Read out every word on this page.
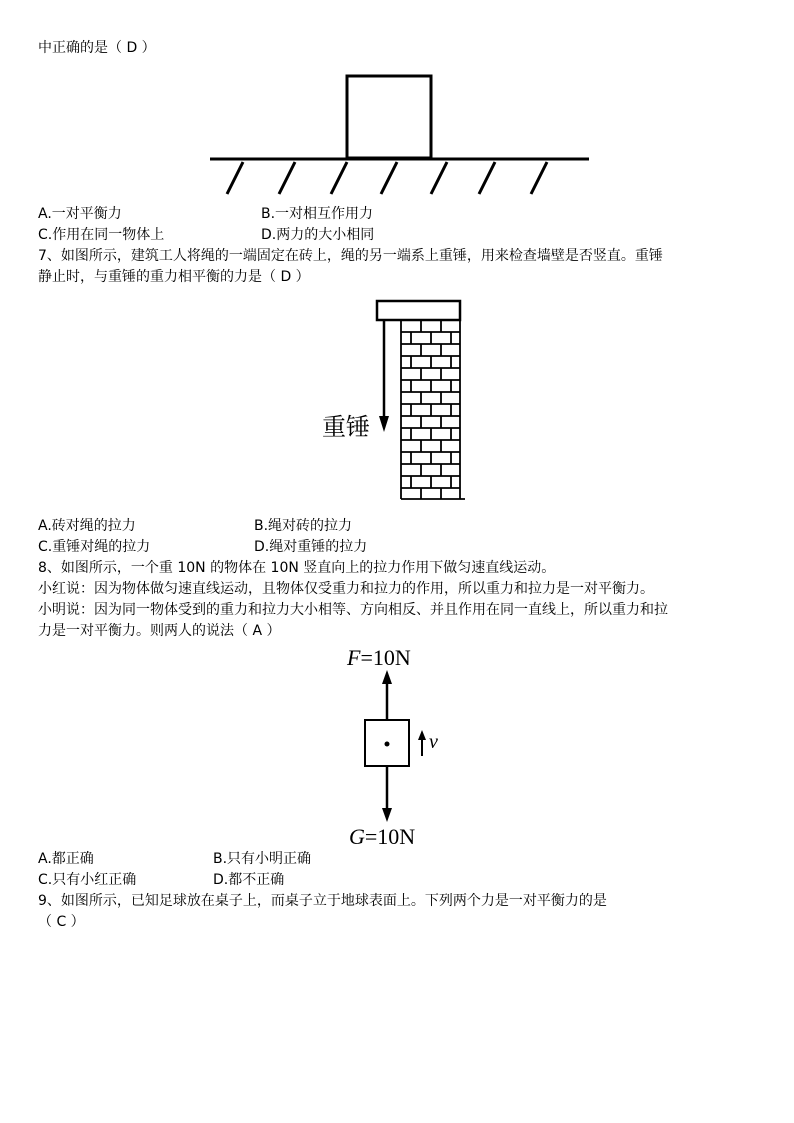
中正确的是（ D ）
A.一对平衡力	B.一对相互作用力
C.作用在同一物体上	D.两力的大小相同
7、如图所示，建筑工人将绳的一端固定在砖上，绳的另一端系上重锤，用来检查墙壁是否竖直。重锤
静止时，与重锤的重力相平衡的力是（ D ）
重锤
A.砖对绳的拉力	B.绳对砖的拉力
C.重锤对绳的拉力	D.绳对重锤的拉力
8、如图所示，一个重 10N 的物体在 10N 竖直向上的拉力作用下做匀速直线运动。
小红说：因为物体做匀速直线运动，且物体仅受重力和拉力的作用，所以重力和拉力是一对平衡力。
小明说：因为同一物体受到的重力和拉力大小相等、方向相反、并且作用在同一直线上，所以重力和拉
力是一对平衡力。则两人的说法（ A ）
F=10N
v
G=10N
A.都正确	B.只有小明正确
C.只有小红正确	D.都不正确
9、如图所示，已知足球放在桌子上，而桌子立于地球表面上。下列两个力是一对平衡力的是
（ C ）
